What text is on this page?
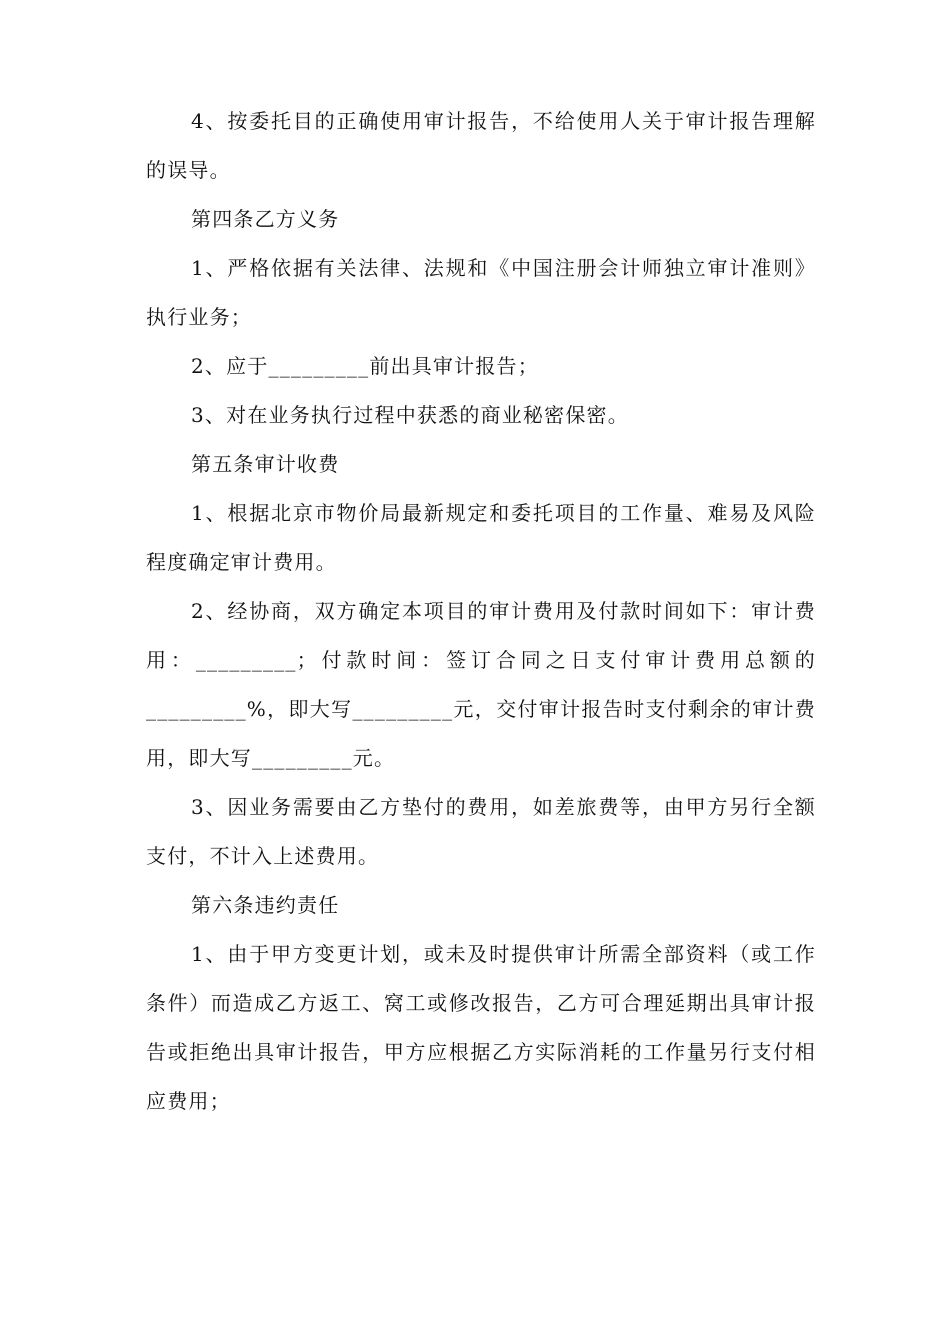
4、按委托目的正确使用审计报告，不给使用人关于审计报告理解的误导。

第四条乙方义务

1、严格依据有关法律、法规和《中国注册会计师独立审计准则》执行业务；

2、应于_________前出具审计报告；

3、对在业务执行过程中获悉的商业秘密保密。

第五条审计收费

1、根据北京市物价局最新规定和委托项目的工作量、难易及风险程度确定审计费用。

2、经协商，双方确定本项目的审计费用及付款时间如下：审计费用：_________；付款时间：签订合同之日支付审计费用总额的_________%，即大写_________元，交付审计报告时支付剩余的审计费用，即大写_________元。

3、因业务需要由乙方垫付的费用，如差旅费等，由甲方另行全额支付，不计入上述费用。

第六条违约责任

1、由于甲方变更计划，或未及时提供审计所需全部资料（或工作条件）而造成乙方返工、窝工或修改报告，乙方可合理延期出具审计报告或拒绝出具审计报告，甲方应根据乙方实际消耗的工作量另行支付相应费用；
